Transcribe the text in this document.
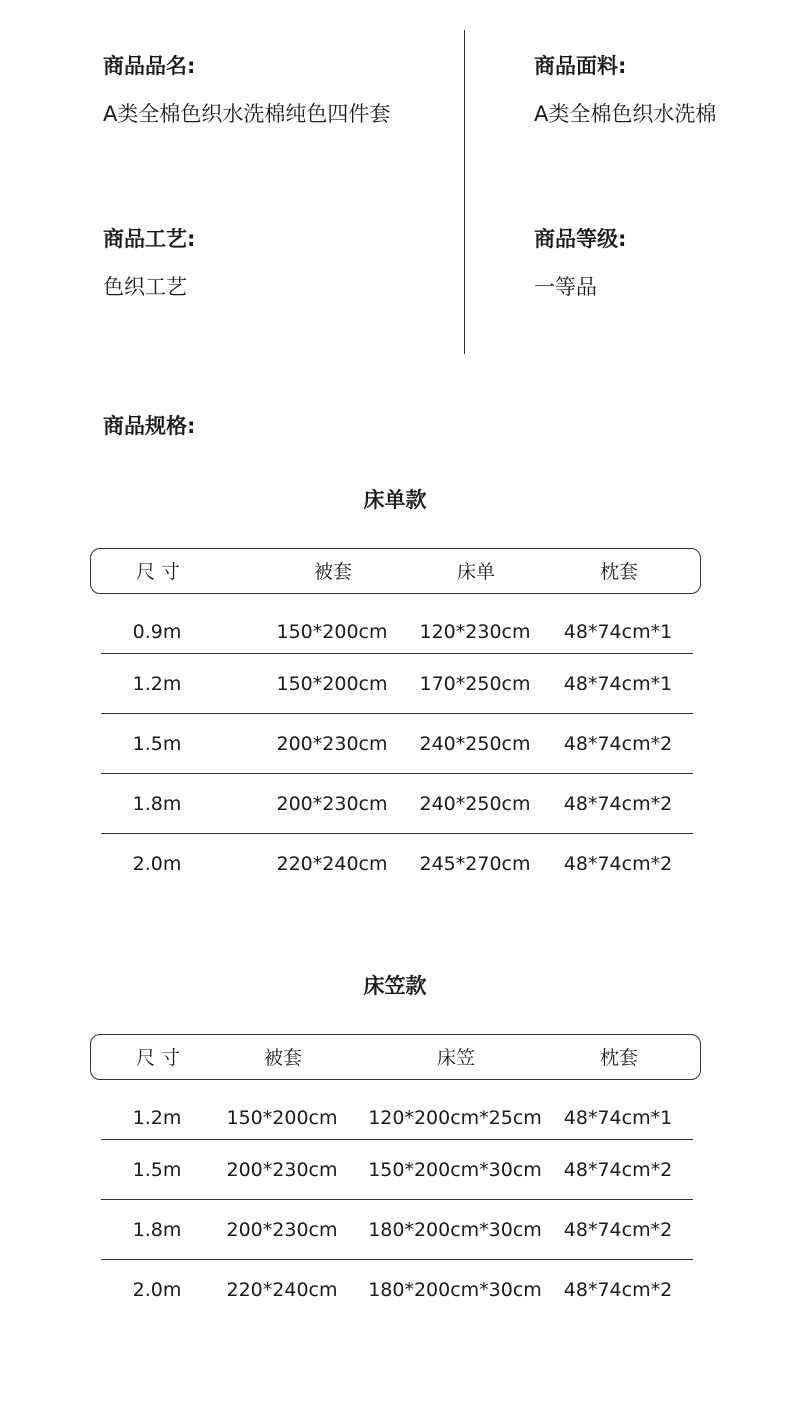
商品品名:
A类全棉色织水洗棉纯色四件套
商品面料:
A类全棉色织水洗棉
商品工艺:
色织工艺
商品等级:
一等品
商品规格:
床单款
尺 寸	被套	床单	枕套
0.9m	150*200cm 120*230cm 48*74cm*1
1.2m	150*200cm 170*250cm 48*74cm*1
1.5m	200*230cm 240*250cm 48*74cm*2
1.8m	200*230cm 240*250cm 48*74cm*2
2.0m	220*240cm 245*270cm 48*74cm*2
床笠款
尺 寸	被套	床笠	枕套
1.2m 150*200cm 120*200cm*25cm 48*74cm*1
1.5m 200*230cm 150*200cm*30cm 48*74cm*2
1.8m 200*230cm 180*200cm*30cm 48*74cm*2
2.0m 220*240cm 180*200cm*30cm 48*74cm*2
